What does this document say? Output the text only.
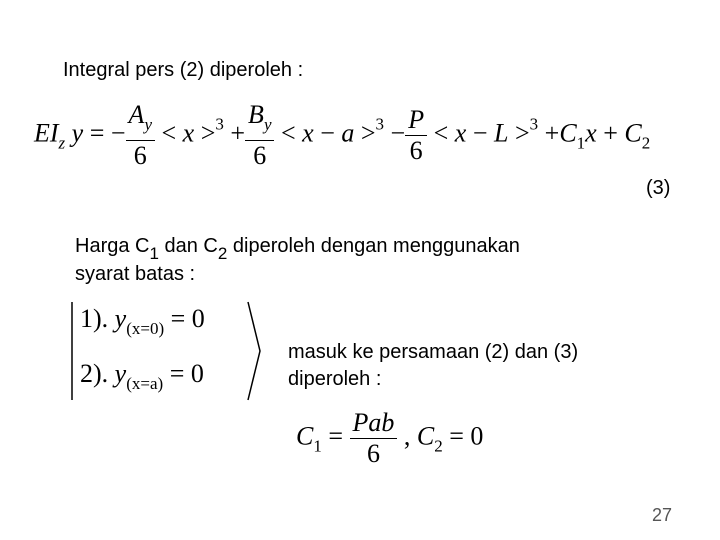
Integral pers (2) diperoleh :
$EI_z$ y = − $\frac{A_y}{6} < x >^3 + \frac{B_y}{6} < x - a >^3 - \frac{P}{6} < x - L >^3 +C_1x + C_2$
(3)
Harga $C_1$ dan $C_2$ diperoleh dengan menggunakan
syarat batas :
1). $y_{(x=0)} = 0$
2). $y_{(x=a)} = 0$
masuk ke persamaan (2) dan (3)
diperoleh :
$C_1 = \frac{\text{Pab}}{6}$ , $C_2 = 0$
27
